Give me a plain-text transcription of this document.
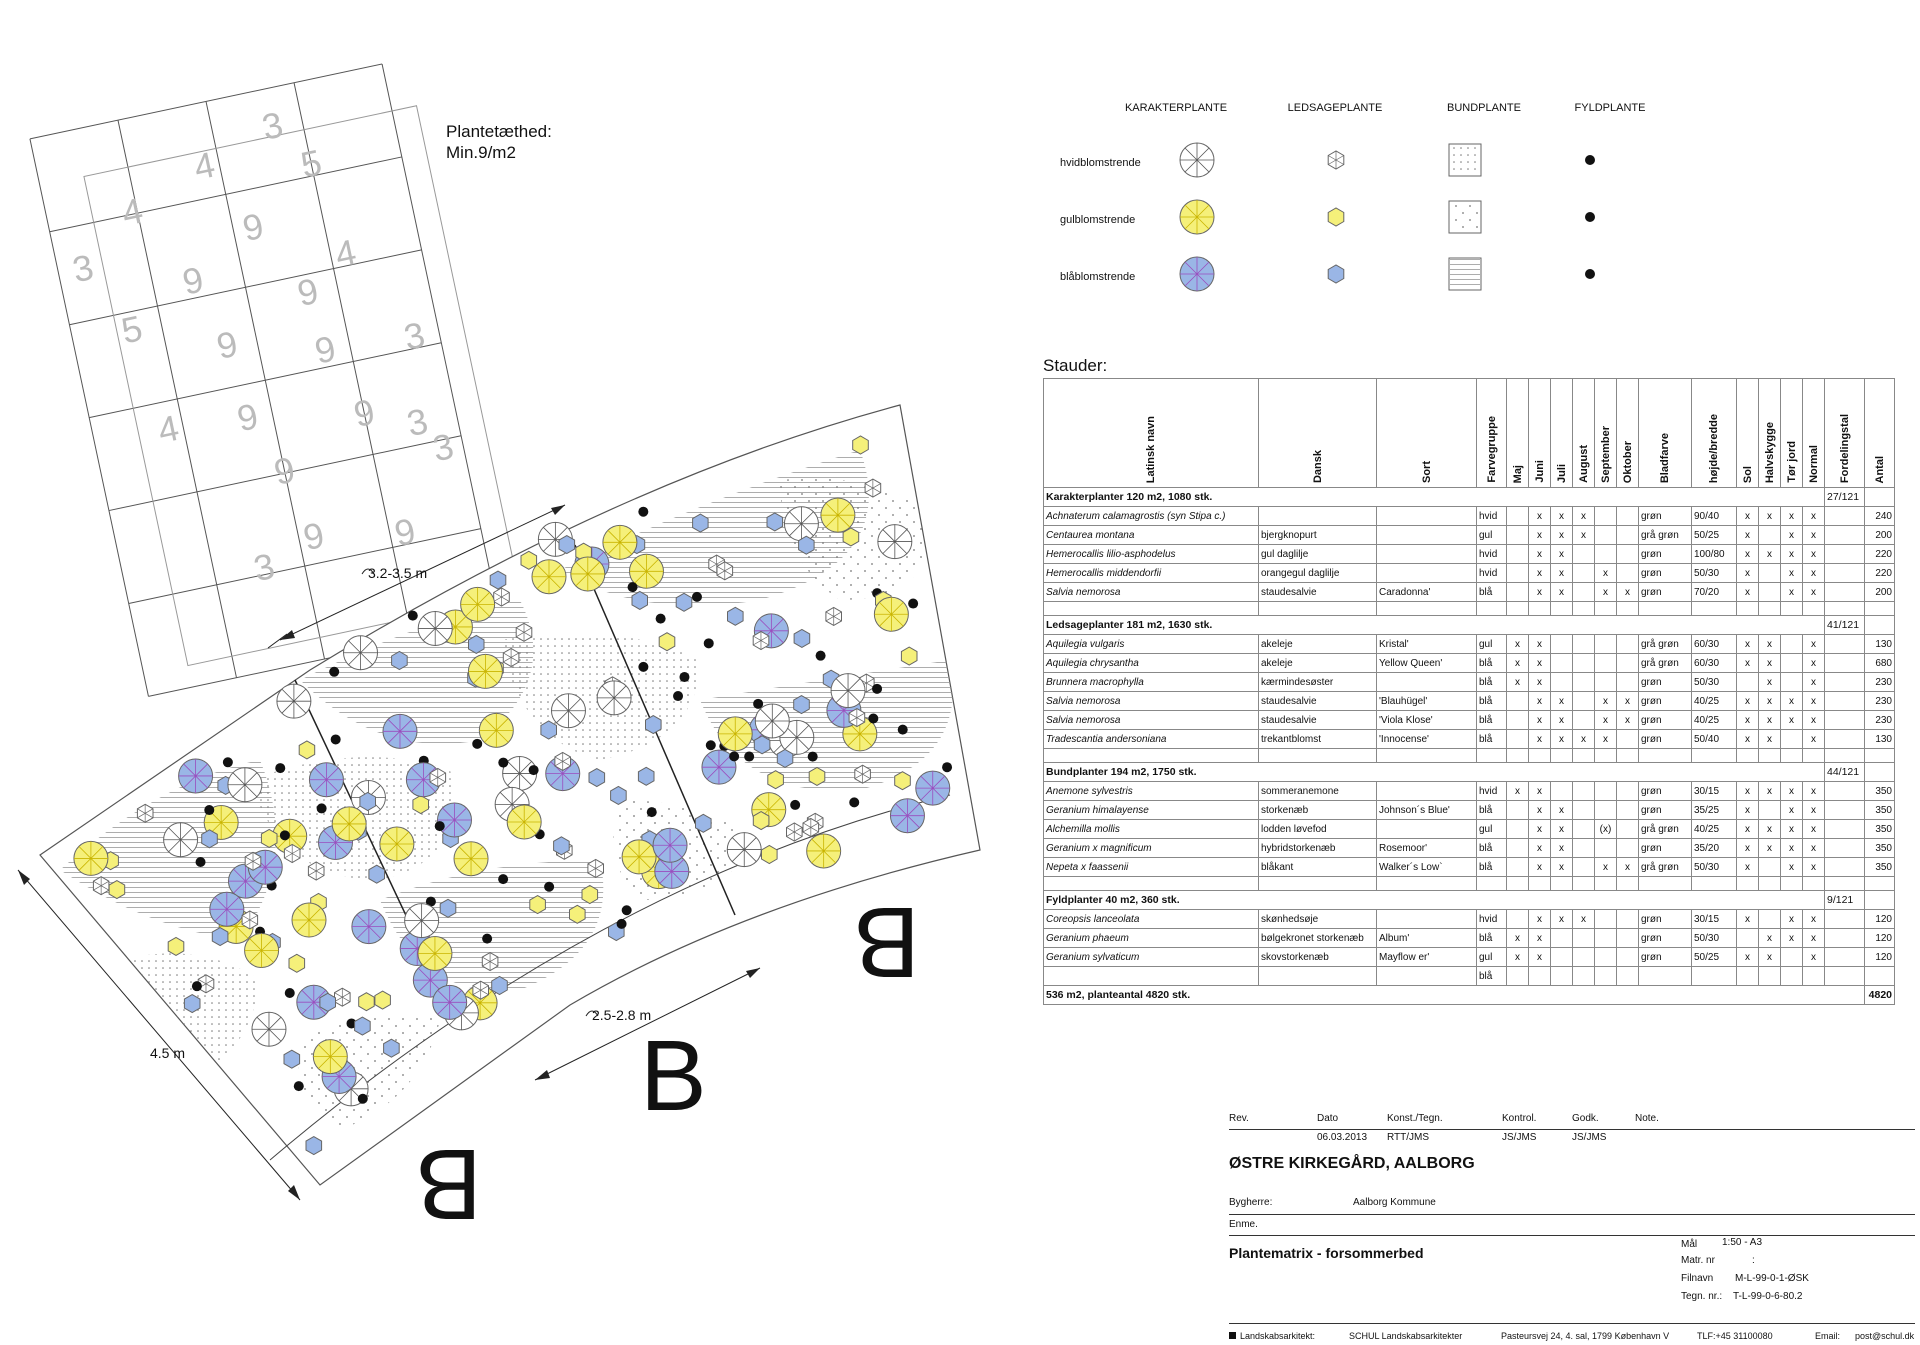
3
4
4
5
3
9
9
5
9
4
9 9 3
4 9 9 3
9
3
9 9
3	3.2-3.5 m
2.5-2.8 m
4.5 m	B
B
B
Plantetæthed:
Min.9/m2
KARAKTERPLANTE	LEDSAGEPLANTE	BUNDPLANTE	FYLDPLANTE
hvidblomstrende
gulblomstrende
blåblomstrende
Stauder:
Latinsk navn	Dansk	Sort	Farvegruppe	Maj	Juni	Juli	August	September	Oktober	Bladfarve	højde/bredde	Sol	Halvskygge	Tør jord	Normal	Fordelingstal	Antal

Karakterplanter 120 m2, 1080 stk.																27/121	
Achnaterum calamagrostis (syn Stipa c.)			hvid		x	x	x			grøn	90/40	x	x	x	x		240
Centaurea montana	bjergknopurt		gul		x	x	x			grå grøn	50/25	x		x	x		200
Hemerocallis lilio-asphodelus	gul daglilje		hvid		x	x				grøn	100/80	x	x	x	x		220
Hemerocallis middendorfii	orangegul daglilje		hvid		x	x		x		grøn	50/30	x		x	x		220
Salvia nemorosa	staudesalvie	Caradonna'	blå		x	x		x	x	grøn	70/20	x		x	x		200

Ledsageplanter 181 m2, 1630 stk.																41/121	
Aquilegia vulgaris	akeleje	Kristal'	gul	x	x					grå grøn	60/30	x	x		x		130
Aquilegia chrysantha	akeleje	Yellow Queen'	blå	x	x					grå grøn	60/30	x	x		x		680
Brunnera macrophylla	kærmindesøster		blå	x	x					grøn	50/30		x		x		230
Salvia nemorosa	staudesalvie	'Blauhügel'	blå		x	x		x	x	grøn	40/25	x	x	x	x		230
Salvia nemorosa	staudesalvie	'Viola Klose'	blå		x	x		x	x	grøn	40/25	x	x	x	x		230
Tradescantia andersoniana	trekantblomst	'Innocense'	blå		x	x	x	x		grøn	50/40	x	x		x		130

Bundplanter 194 m2, 1750 stk.																44/121	
Anemone sylvestris	sommeranemone		hvid	x	x					grøn	30/15	x	x	x	x		350
Geranium himalayense	storkenæb	Johnson´s Blue'	blå		x	x				grøn	35/25	x		x	x		350
Alchemilla mollis	lodden løvefod		gul		x	x		(x)		grå grøn	40/25	x	x	x	x		350
Geranium x magnificum	hybridstorkenæb	Rosemoor'	blå		x	x				grøn	35/20	x	x	x	x		350
Nepeta x faassenii	blåkant	Walker´s Low`	blå		x	x		x	x	grå grøn	50/30	x		x	x		350

Fyldplanter 40 m2, 360 stk.																9/121	
Coreopsis lanceolata	skønhedsøje		hvid		x	x	x			grøn	30/15	x		x	x		120
Geranium phaeum	bølgekronet storkenæb	Album'	blå	x	x					grøn	50/30		x	x	x		120
Geranium sylvaticum	skovstorkenæb	Mayflow er'	gul	x	x					grøn	50/25	x	x		x		120
			blå														
536 m2, planteantal 4820 stk.																	4820
Rev.	Dato	Konst./Tegn.	Kontrol.	Godk.	Note.
06.03.2013 RTT/JMS	JS/JMS	JS/JMS
ØSTRE KIRKEGÅRD, AALBORG
Bygherre:	Aalborg Kommune
Enme.
Plantematrix - forsommerbed
Mål 1:50 - A3
Matr. nr	:
Filnavn M-L-99-0-1-ØSK
Tegn. nr.: T-L-99-0-6-80.2
Landskabsarkitekt:	SCHUL Landskabsarkitekter	Pasteursvej 24, 4. sal, 1799 København V	TLF:+45 31100080	Email: post@schul.dk
